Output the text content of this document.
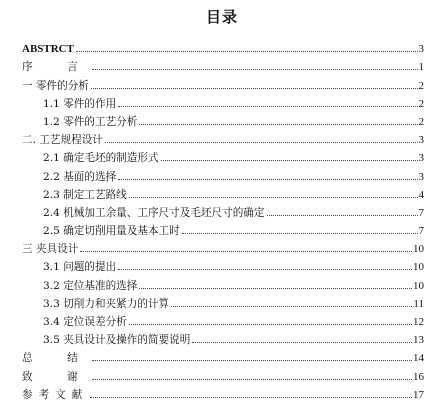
目录
ABSTRCT	3
序　言	1
一 零件的分析	2
1.1 零件的作用	2
1.2 零件的工艺分析	2
二. 工艺规程设计	3
2.1 确定毛坯的制造形式	3
2.2 基面的选择	3
2.3 制定工艺路线	4
2.4 机械加工余量、工序尺寸及毛坯尺寸的确定	7
2.5 确定切削用量及基本工时	7
三 夹具设计	10
3.1 问题的提出	10
3.2 定位基准的选择	10
3.3 切削力和夹紧力的计算	11
3.4 定位误差分析	12
3.5 夹具设计及操作的简要说明	13
总　结	14
致　谢	16
参考文献	17
